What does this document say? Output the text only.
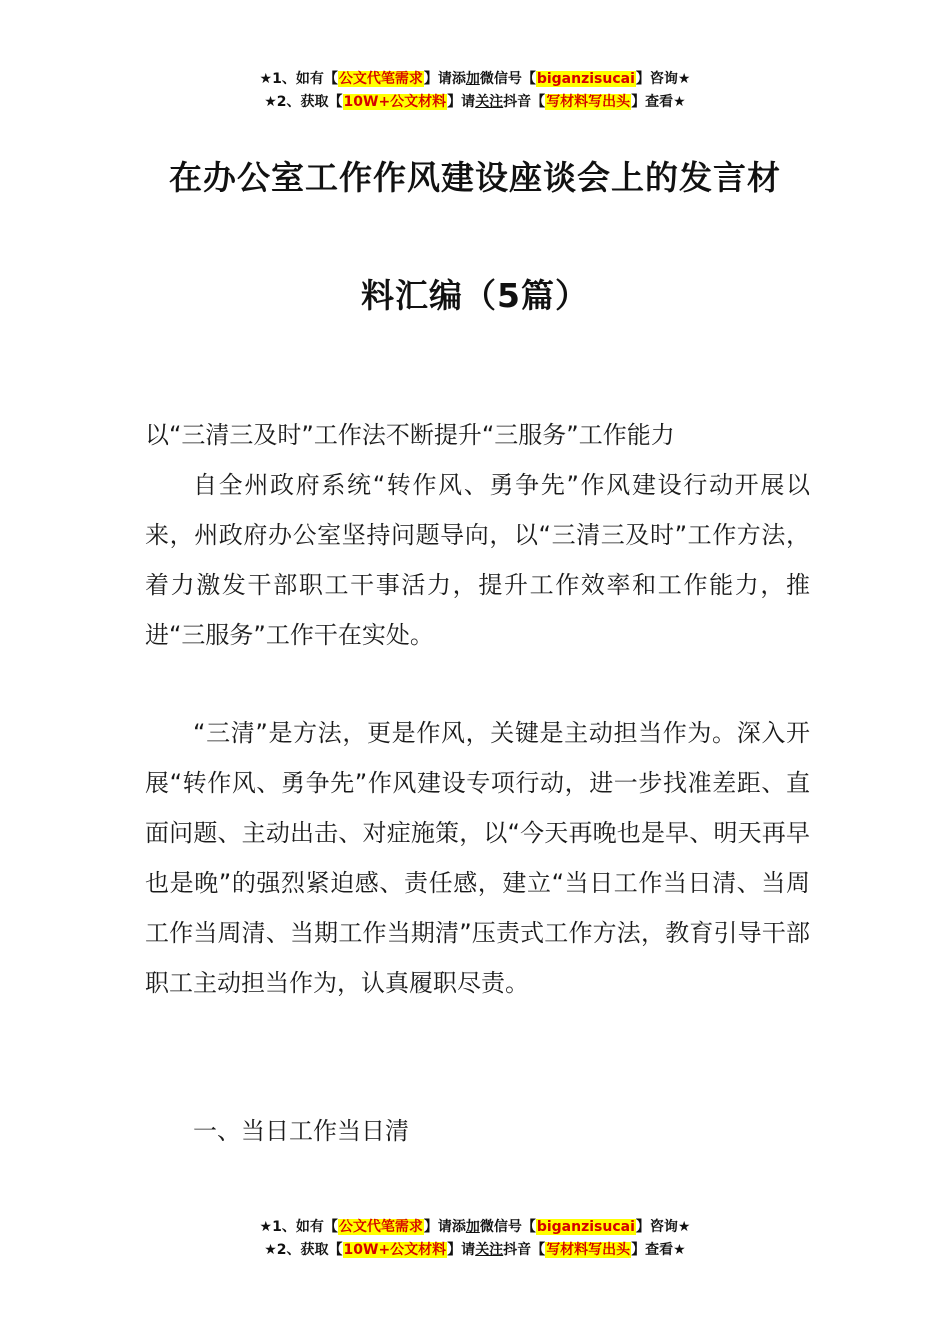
★1、如有【公文代笔需求】请添加微信号【biganzisucai】咨询★
★2、获取【10W+公文材料】请关注抖音【写材料写出头】查看★
在办公室工作作风建设座谈会上的发言材
料汇编（5篇）
以“三清三及时”工作法不断提升“三服务”工作能力
自全州政府系统“转作风、勇争先”作风建设行动开展以来，州政府办公室坚持问题导向，以“三清三及时”工作方法，着力激发干部职工干事活力，提升工作效率和工作能力，推进“三服务”工作干在实处。
“三清”是方法，更是作风，关键是主动担当作为。深入开展“转作风、勇争先”作风建设专项行动，进一步找准差距、直面问题、主动出击、对症施策，以“今天再晚也是早、明天再早也是晚”的强烈紧迫感、责任感，建立“当日工作当日清、当周工作当周清、当期工作当期清”压责式工作方法，教育引导干部职工主动担当作为，认真履职尽责。
一、当日工作当日清
★1、如有【公文代笔需求】请添加微信号【biganzisucai】咨询★
★2、获取【10W+公文材料】请关注抖音【写材料写出头】查看★
